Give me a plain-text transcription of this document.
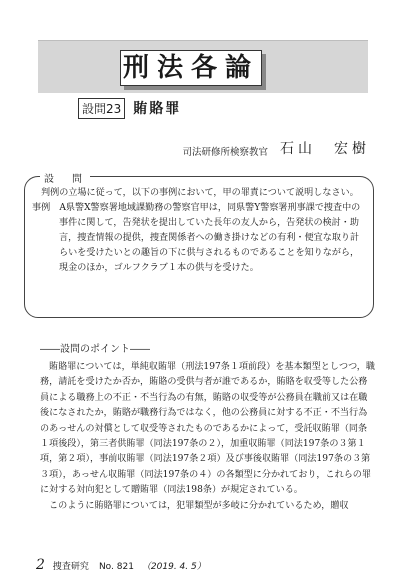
刑法各論
設問23 賄賂罪
司法研修所検察教官 石山　宏樹
設　問

判例の立場に従って，以下の事例において，甲の罪責について説明しなさい。

事例　 A県警X警察署地域課勤務の警察官甲は，同県警Y警察署刑事課で捜査中の事件に関して，告発状を提出していた長年の友人から，告発状の検討・助言，捜査情報の提供，捜査関係者への働き掛けなどの有利・便宜な取り計らいを受けたいとの趣旨の下に供与されるものであることを知りながら，現金のほか，ゴルフクラブ１本の供与を受けた。

――設問のポイント――

賄賂罪については，単純収賄罪（刑法197条１項前段）を基本類型としつつ，職務，請託を受けたか否か，賄賂の受供与者が誰であるか，賄賂を収受等した公務員による職務上の不正・不当行為の有無，賄賂の収受等が公務員在職前又は在職後になされたか，賄賂が職務行為ではなく，他の公務員に対する不正・不当行為のあっせんの対償として収受等されたものであるかによって，受託収賄罪（同条１項後段），第三者供賄罪（同法197条の２），加重収賄罪（同法197条の３第１項，第２項），事前収賄罪（同法197条２項）及び事後収賄罪（同法197条の３第３項），あっせん収賄罪（同法197条の４）の各類型に分かれており，これらの罪に対する対向犯として贈賄罪（同法198条）が規定されている。

このように賄賂罪については，犯罪類型が多岐に分かれているため，贈収

2 捜査研究 No. 821 （2019. 4. 5）
